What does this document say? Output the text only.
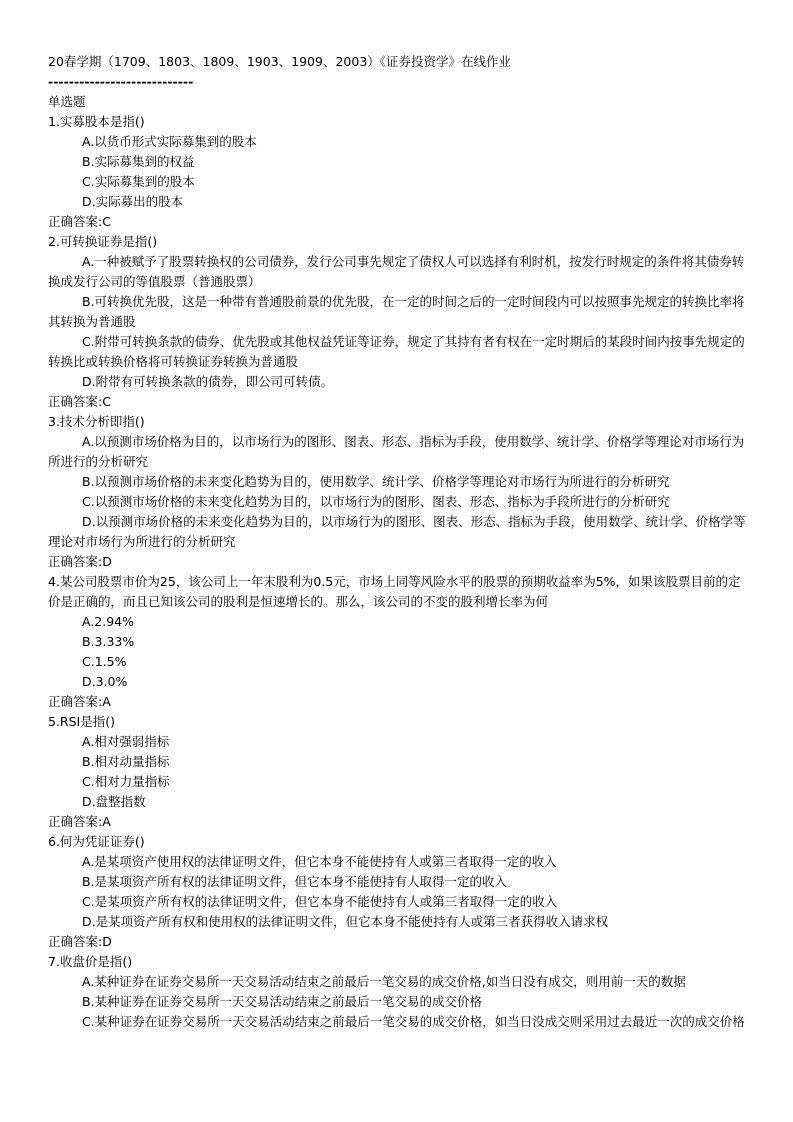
20春学期（1709、1803、1809、1903、1909、2003）《证券投资学》在线作业
----------------------------
单选题
1.实募股本是指()
A.以货币形式实际募集到的股本
B.实际募集到的权益
C.实际募集到的股本
D.实际募出的股本
正确答案:C
2.可转换证券是指()
A.一种被赋予了股票转换权的公司债券，发行公司事先规定了债权人可以选择有利时机，按发行时规定的条件将其债券转换成发行公司的等值股票（普通股票）
B.可转换优先股，这是一种带有普通股前景的优先股，在一定的时间之后的一定时间段内可以按照事先规定的转换比率将其转换为普通股
C.附带可转换条款的债券、优先股或其他权益凭证等证券，规定了其持有者有权在一定时期后的某段时间内按事先规定的转换比或转换价格将可转换证券转换为普通股
D.附带有可转换条款的债券，即公司可转债。
正确答案:C
3.技术分析即指()
A.以预测市场价格为目的，以市场行为的图形、图表、形态、指标为手段，使用数学、统计学、价格学等理论对市场行为所进行的分析研究
B.以预测市场价格的未来变化趋势为目的，使用数学、统计学、价格学等理论对市场行为所进行的分析研究
C.以预测市场价格的未来变化趋势为目的，以市场行为的图形、图表、形态、指标为手段所进行的分析研究
D.以预测市场价格的未来变化趋势为目的，以市场行为的图形、图表、形态、指标为手段，使用数学、统计学、价格学等理论对市场行为所进行的分析研究
正确答案:D
4.某公司股票市价为25，该公司上一年末股利为0.5元，市场上同等风险水平的股票的预期收益率为5%，如果该股票目前的定价是正确的，而且已知该公司的股利是恒速增长的。那么，该公司的不变的股利增长率为何
A.2.94%
B.3.33%
C.1.5%
D.3.0%
正确答案:A
5.RSI是指()
A.相对强弱指标
B.相对动量指标
C.相对力量指标
D.盘整指数
正确答案:A
6.何为凭证证券()
A.是某项资产使用权的法律证明文件，但它本身不能使持有人或第三者取得一定的收入
B.是某项资产所有权的法律证明文件，但它本身不能使持有人取得一定的收入
C.是某项资产所有权的法律证明文件，但它本身不能使持有人或第三者取得一定的收入
D.是某项资产所有权和使用权的法律证明文件，但它本身不能使持有人或第三者获得收入请求权
正确答案:D
7.收盘价是指()
A.某种证券在证券交易所一天交易活动结束之前最后一笔交易的成交价格,如当日没有成交，则用前一天的数据
B.某种证券在证券交易所一天交易活动结束之前最后一笔交易的成交价格
C.某种证券在证券交易所一天交易活动结束之前最后一笔交易的成交价格，如当日没成交则采用过去最近一次的成交价格
